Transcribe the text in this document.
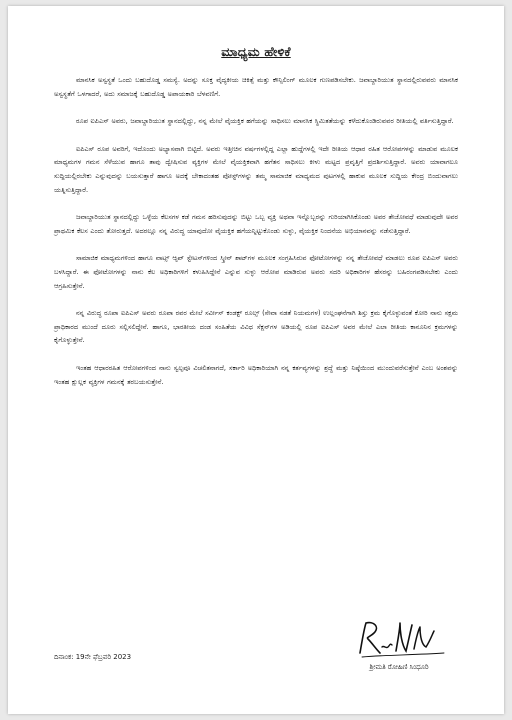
ಮಾಧ್ಯಮ ಹೇಳಿಕೆ

ಮಾನಸಿಕ ಅಸ್ವಸ್ಥತೆ ಒಂದು ಬಹುದೊಡ್ಡ ಸಮಸ್ಯೆ. ಅದನ್ನು ಸೂಕ್ತ ವೈದ್ಯಕೀಯ ಚಿಕಿತ್ಸೆ ಮತ್ತು ಕೌನ್ಸಿಲಿಂಗ್ ಮೂಲಕ ಗುಣಪಡಿಸಬೇಕು. ಜವಾಬ್ದಾರಿಯುತ ಸ್ಥಾನದಲ್ಲಿರುವವರು ಮಾನಸಿಕ ಅಸ್ವಸ್ಥತೆಗೆ ಒಳಗಾದರೆ, ಅದು ಸಮಾಜಕ್ಕೆ ಬಹುದೊಡ್ಡ ಅಪಾಯಕಾರಿ ಬೆಳವಣಿಗೆ.

ರೂಪ ಐಪಿಎಸ್ ಅವರು, ಜವಾಬ್ದಾರಿಯುತ ಸ್ಥಾನದಲ್ಲಿದ್ದು, ನನ್ನ ಮೇಲೆ ವೈಯಕ್ತಿಕ ಹಗೆಯನ್ನು ಸಾಧಿಸಲು ಮಾನಸಿಕ ಸ್ಥಿಮಿತತೆಯನ್ನು ಕಳೆದುಕೊಂಡಿರುವವರ ರೀತಿಯಲ್ಲಿ ವರ್ತಿಸುತ್ತಿದ್ದಾರೆ.

ಐಪಿಎಸ್ ರೂಪ ಅವರಿಗೆ, ಇದೊಂದು ಅಭ್ಯಾಸವಾಗಿ ಬಿಟ್ಟಿದೆ. ಅವರು ಇತ್ತೀಚಿನ ವರ್ಷಗಳಲ್ಲಿದ್ದ ಎಲ್ಲಾ ಹುದ್ದೆಗಳಲ್ಲಿ ಇದೇ ರೀತಿಯ ಆಧಾರ ರಹಿತ ಆರೋಪಗಳನ್ನು ಮಾಡುವ ಮೂಲಕ ಮಾಧ್ಯಮಗಳ ಗಮನ ಸೆಳೆಯುವ ಹಾಗೂ ತಾವು ದ್ವೇಷಿಸುವ ವ್ಯಕ್ತಿಗಳ ಮೇಲೆ ವೈಯಕ್ತಿಕವಾಗಿ ಹಗೆತನ ಸಾಧಿಸಲು ಕೀಳು ಮಟ್ಟದ ಪ್ರವೃತ್ತಿಗೆ ಪ್ರದರ್ಶಿಸುತ್ತಿದ್ದಾರೆ. ಅವರು ಯಾವಾಗಲೂ ಸುದ್ದಿಯಲ್ಲಿರಬೇಕು ಎನ್ನುವುದನ್ನು ಬಯಸುತ್ತಾರೆ ಹಾಗೂ ಅದಕ್ಕೆ ಬೇಕಾದಂತಹ ಪೋಸ್ಟ್‌ಗಳನ್ನು ತಮ್ಮ ಸಾಮಾಜಿಕ ಮಾಧ್ಯಮದ ಪುಟಗಳಲ್ಲಿ ಹಾಕುವ ಮೂಲಕ ಸುದ್ದಿಯ ಕೇಂದ್ರ ಬಿಂದುವಾಗಲು ಯತ್ನಿಸುತ್ತಿದ್ದಾರೆ.

ಜವಾಬ್ದಾರಿಯುತ ಸ್ಥಾನದಲ್ಲಿದ್ದು ಒಳ್ಳೆಯ ಕೆಲಸಗಳ ಕಡೆ ಗಮನ ಹರಿಸುವುದನ್ನು ಬಿಟ್ಟು ಒಬ್ಬ ವ್ಯಕ್ತಿ ಅಥವಾ ಇನ್ನೊಬ್ಬರನ್ನು ಗುರಿಯಾಗಿಸಿಕೊಂಡು ಅವರ ತೇಜೋವಧೆ ಮಾಡುವುದೇ ಅವರ ಪ್ರಾಥಮಿಕ ಕೆಲಸ ಎಂದು ತೋರುತ್ತದೆ. ಅದರಲ್ಲೂ ನನ್ನ ವಿರುದ್ಧ ಯಾವುದೋ ವೈಯಕ್ತಿಕ ಹಗೆಯನ್ನಿಟ್ಟುಕೊಂಡು ಸುಳ್ಳು, ವೈಯಕ್ತಿಕ ನಿಂದನೆಯ ಅಭಿಯಾನವನ್ನು ನಡೆಸುತ್ತಿದ್ದಾರೆ.

ಸಾಮಾಜಿಕ ಮಾಧ್ಯಮಗಳಿಂದ ಹಾಗೂ ವಾಟ್ಸ್ ಆ್ಯಪ್ ಸ್ಟೇಟಸ್‌ಗಳಿಂದ ಸ್ಕ್ರೀನ್ ಶಾಟ್‌ಗಳ ಮೂಲಕ ಸಂಗ್ರಹಿಸಿರುವ ಫೋಟೋಗಳನ್ನು ನನ್ನ ತೇಜೋವಧೆ ಮಾಡಲು ರೂಪ ಐಪಿಎಸ್ ಅವರು ಬಳಸಿದ್ದಾರೆ. ಈ ಫೋಟೋಗಳನ್ನು ನಾನು ಕೆಲ ಅಧಿಕಾರಿಗಳಿಗೆ ಕಳುಹಿಸಿದ್ದೇನೆ ಎನ್ನುವ ಸುಳ್ಳು ಆರೋಪ ಮಾಡಿರುವ ಅವರು ಸದರಿ ಅಧಿಕಾರಿಗಳ ಹೆಸರನ್ನು ಬಹಿರಂಗಪಡಿಸಬೇಕು ಎಂದು ಆಗ್ರಹಿಸುತ್ತೇನೆ.

ನನ್ನ ವಿರುದ್ಧ ರೂಪಾ ಐಪಿಎಸ್ ಅವರು ರೂಪಾ ರವರ ಮೇಲೆ ಸರ್ವೀಸ್ ಕಂಡಕ್ಟ್ ರೂಲ್ಸ್ (ಸೇವಾ ನಡತೆ ನಿಯಮಗಳ) ಉಲ್ಲಂಘನೆಗಾಗಿ ಶಿಸ್ತು ಕ್ರಮ ಕೈಗೊಳ್ಳುವಂತೆ ಕೋರಿ ನಾನು ಸಕ್ಷಮ ಪ್ರಾಧಿಕಾರದ ಮುಂದೆ ದೂರು ಸಲ್ಲಿಸಲಿದ್ದೇನೆ. ಹಾಗೂ, ಭಾರತೀಯ ದಂಡ ಸಂಹಿತೆಯ ವಿವಿಧ ಸೆಕ್ಷನ್‌ಗಳ ಅಡಿಯಲ್ಲಿ ರೂಪ ಐಪಿಎಸ್ ಅವರ ಮೇಲೆ ಎಲಾ ರೀತಿಯ ಕಾನೂನಿನ ಕ್ರಮಗಳನ್ನು ಕೈಗೊಳ್ಳುತ್ತೇನೆ.

ಇಂತಹ ಆಧಾರರಹಿತ ಆರೋಪಗಳಿಂದ ನಾನು ಸ್ವಲ್ಪವೂ ವಿಚಲಿತನಾಗದೆ, ಸರ್ಕಾರಿ ಅಧಿಕಾರಿಯಾಗಿ ನನ್ನ ಕರ್ತವ್ಯಗಳನ್ನು ಶ್ರದ್ಧೆ ಮತ್ತು ನಿಷ್ಠೆಯಿಂದ ಮುಂದುವರೆಸುತ್ತೇನೆ ಎಂಬ ಅಂಶವನ್ನು ಇಂತಹ ಕ್ಷುಲ್ಲಕ ವ್ಯಕ್ತಿಗಳ ಗಮನಕ್ಕೆ ತರಬಯಸುತ್ತೇನೆ.

ದಿನಾಂಕ: 19ನೇ ಫೆಬ್ರವರಿ 2023
ಶ್ರೀಮತಿ ರೋಹಿಣಿ ಸಿಂಧೂರಿ
